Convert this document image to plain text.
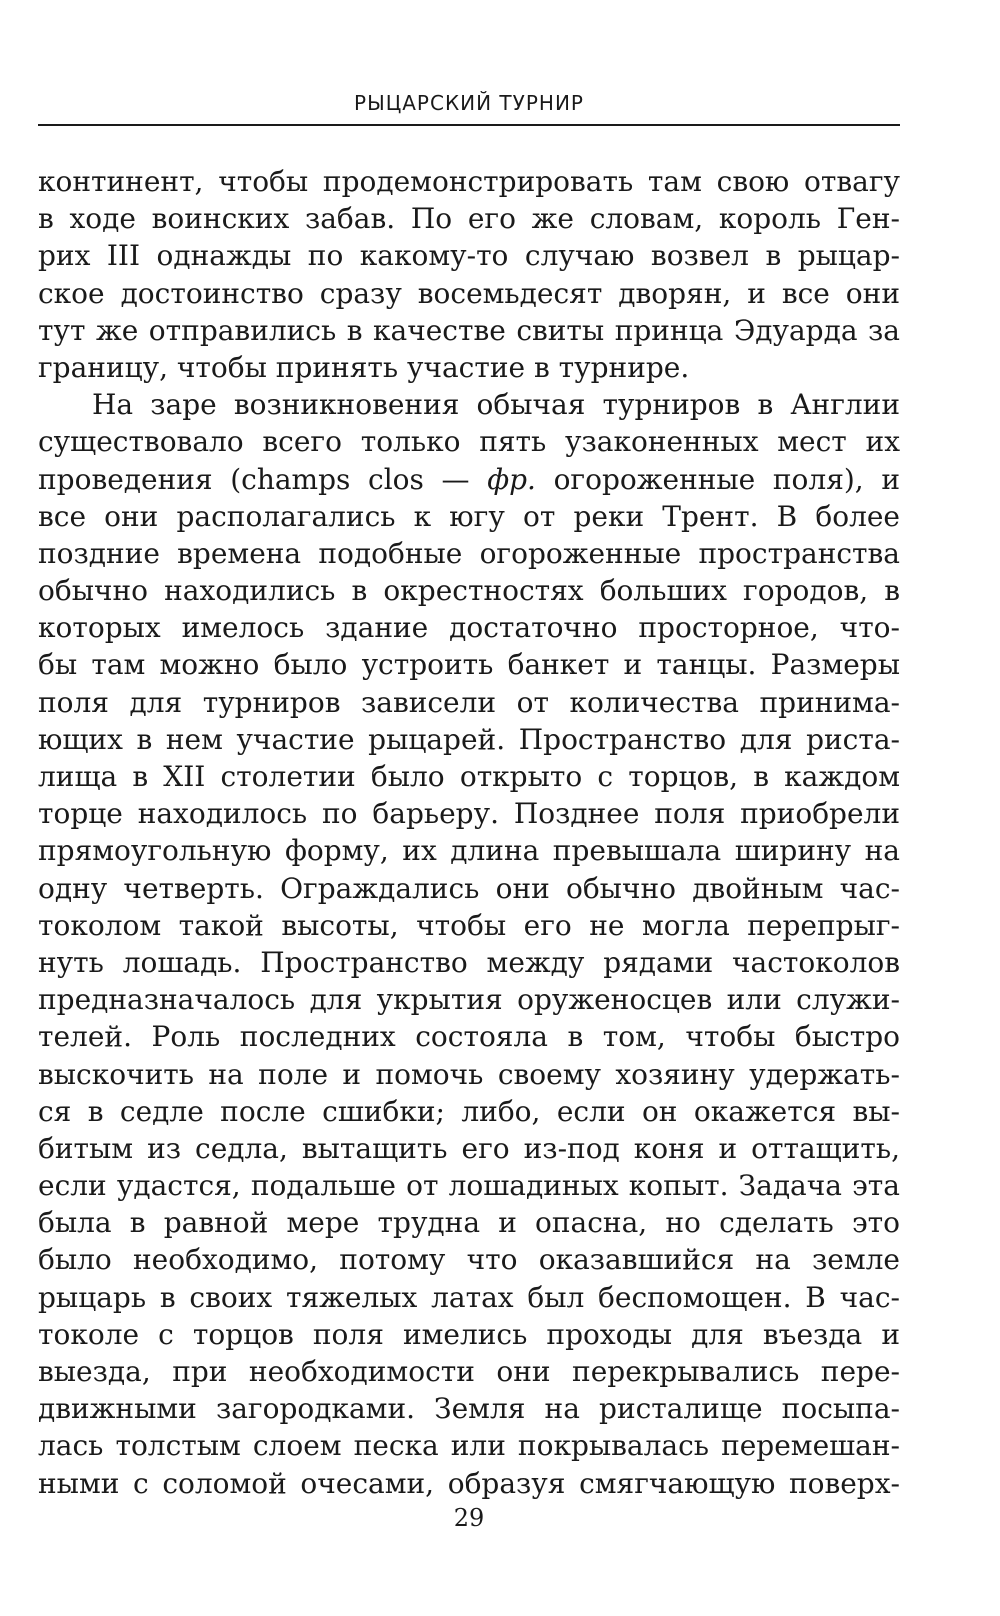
РЫЦАРСКИЙ ТУРНИР
континент, чтобы продемонстрировать там свою отвагу
в ходе воинских забав. По его же словам, король Ген-
рих III однажды по какому-то случаю возвел в рыцар-
ское достоинство сразу восемьдесят дворян, и все они
тут же отправились в качестве свиты принца Эдуарда за
границу, чтобы принять участие в турнире.
На заре возникновения обычая турниров в Англии
существовало всего только пять узаконенных мест их
проведения (champs clos — фр. огороженные поля), и
все они располагались к югу от реки Трент. В более
поздние времена подобные огороженные пространства
обычно находились в окрестностях больших городов, в
которых имелось здание достаточно просторное, что-
бы там можно было устроить банкет и танцы. Размеры
поля для турниров зависели от количества принима-
ющих в нем участие рыцарей. Пространство для риста-
лища в XII столетии было открыто с торцов, в каждом
торце находилось по барьеру. Позднее поля приобрели
прямоугольную форму, их длина превышала ширину на
одну четверть. Ограждались они обычно двойным час-
токолом такой высоты, чтобы его не могла перепрыг-
нуть лошадь. Пространство между рядами частоколов
предназначалось для укрытия оруженосцев или служи-
телей. Роль последних состояла в том, чтобы быстро
выскочить на поле и помочь своему хозяину удержать-
ся в седле после сшибки; либо, если он окажется вы-
битым из седла, вытащить его из-под коня и оттащить,
если удастся, подальше от лошадиных копыт. Задача эта
была в равной мере трудна и опасна, но сделать это
было необходимо, потому что оказавшийся на земле
рыцарь в своих тяжелых латах был беспомощен. В час-
токоле с торцов поля имелись проходы для въезда и
выезда, при необходимости они перекрывались пере-
движными загородками. Земля на ристалище посыпа-
лась толстым слоем песка или покрывалась перемешан-
ными с соломой очесами, образуя смягчающую поверх-
29
